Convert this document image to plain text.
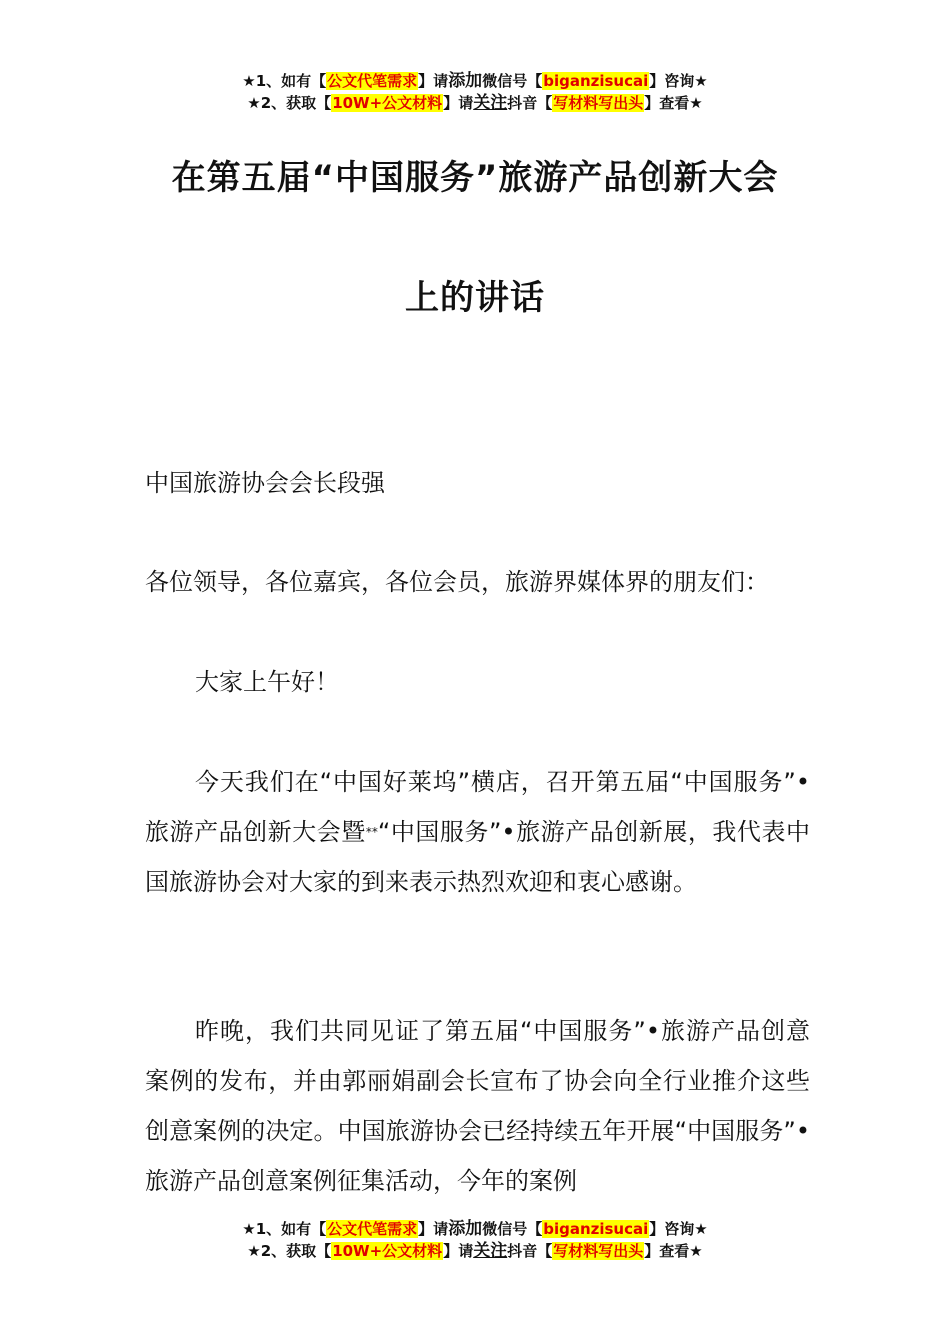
★1、如有【公文代笔需求】请添加微信号【biganzisucai】咨询★
★2、获取【10W+公文材料】请关注抖音【写材料写出头】查看★
在第五届“中国服务”旅游产品创新大会
上的讲话
中国旅游协会会长段强
各位领导，各位嘉宾，各位会员，旅游界媒体界的朋友们：
大家上午好！
今天我们在“中国好莱坞”横店，召开第五届“中国服务”•旅游产品创新大会暨**“中国服务”•旅游产品创新展，我代表中国旅游协会对大家的到来表示热烈欢迎和衷心感谢。
昨晚，我们共同见证了第五届“中国服务”•旅游产品创意案例的发布，并由郭丽娟副会长宣布了协会向全行业推介这些创意案例的决定。中国旅游协会已经持续五年开展“中国服务”•旅游产品创意案例征集活动，今年的案例
★1、如有【公文代笔需求】请添加微信号【biganzisucai】咨询★
★2、获取【10W+公文材料】请关注抖音【写材料写出头】查看★
